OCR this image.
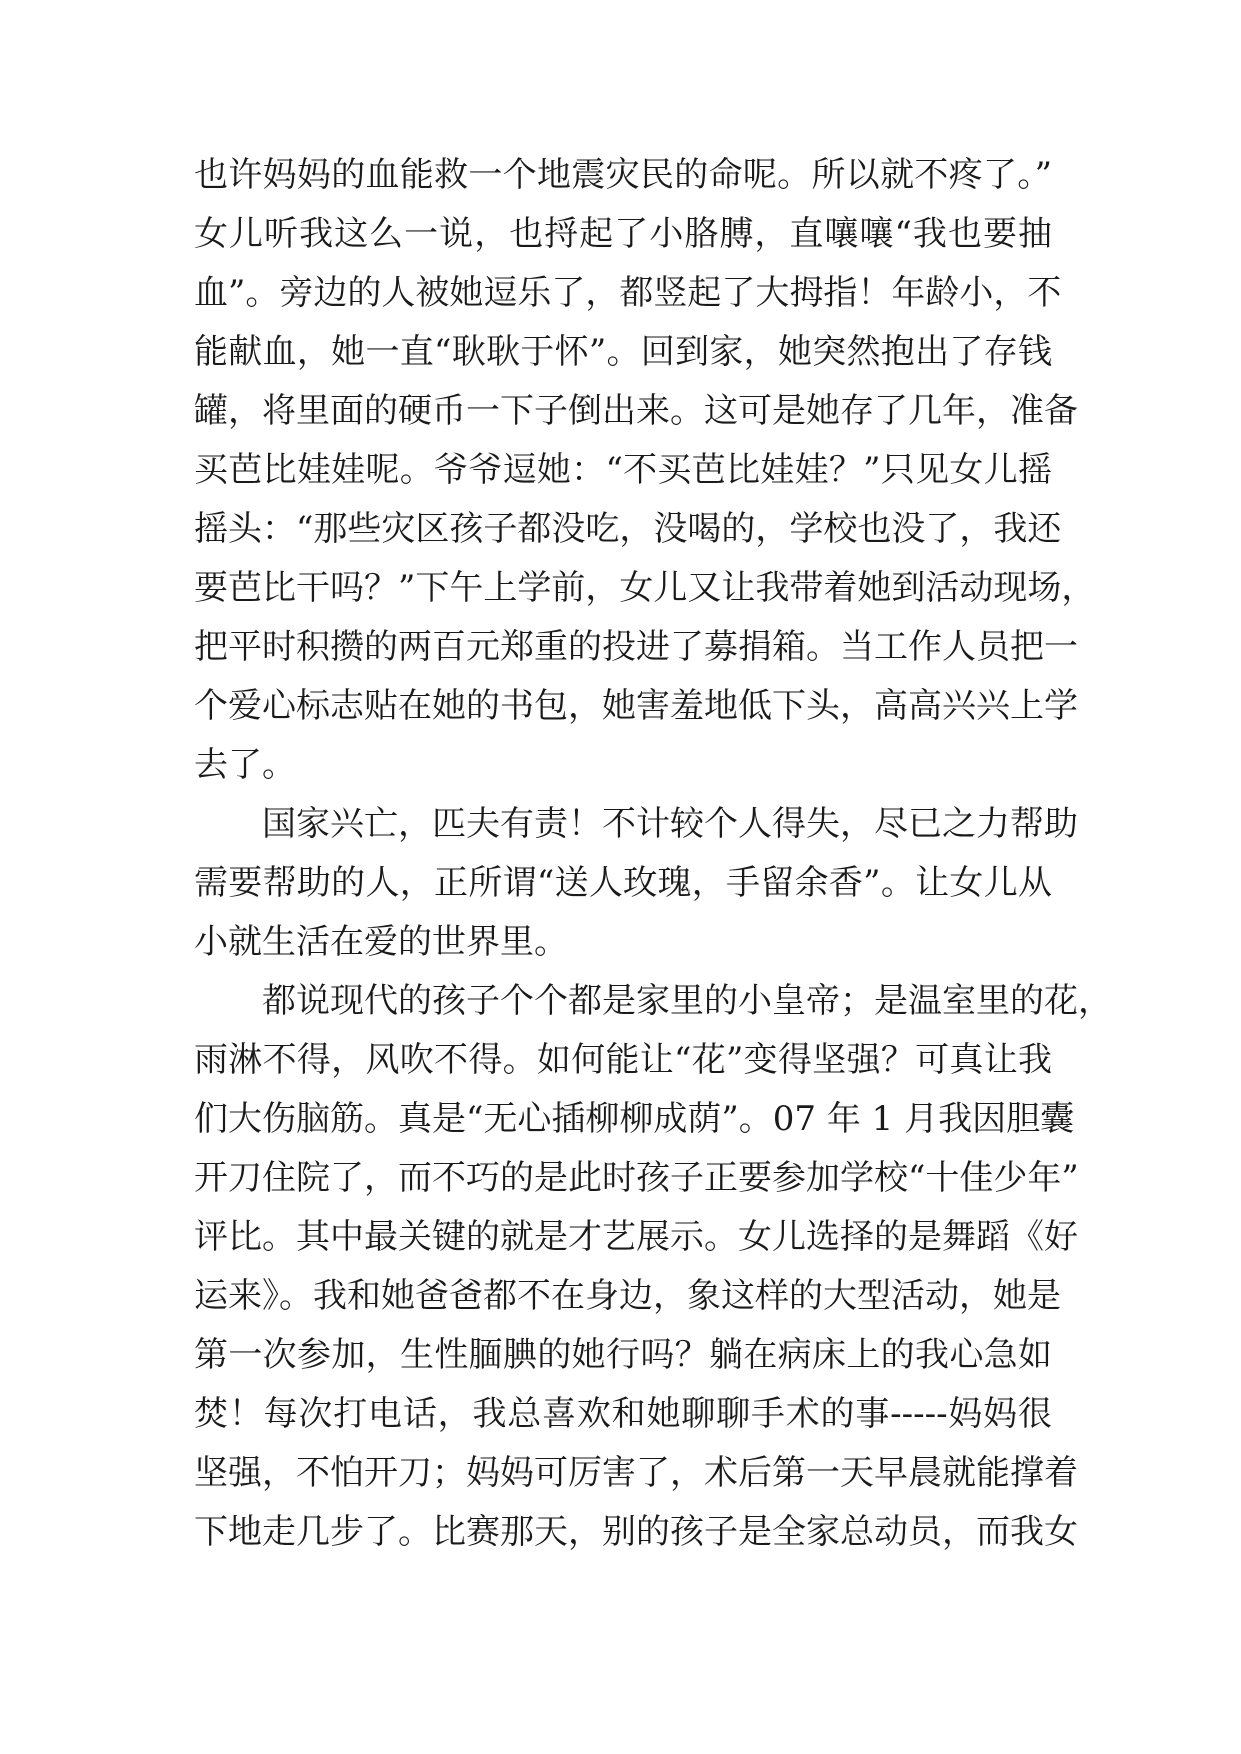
也许妈妈的血能救一个地震灾民的命呢。所以就不疼了。”
女儿听我这么一说，也捋起了小胳膊，直嚷嚷“我也要抽
血”。旁边的人被她逗乐了，都竖起了大拇指！年龄小，不
能献血，她一直“耿耿于怀”。回到家，她突然抱出了存钱
罐，将里面的硬币一下子倒出来。这可是她存了几年，准备
买芭比娃娃呢。爷爷逗她：“不买芭比娃娃？”只见女儿摇
摇头：“那些灾区孩子都没吃，没喝的，学校也没了，我还
要芭比干吗？”下午上学前，女儿又让我带着她到活动现场，
把平时积攒的两百元郑重的投进了募捐箱。当工作人员把一
个爱心标志贴在她的书包，她害羞地低下头，高高兴兴上学
去了。
国家兴亡，匹夫有责！不计较个人得失，尽已之力帮助
需要帮助的人，正所谓“送人玫瑰，手留余香”。让女儿从
小就生活在爱的世界里。
都说现代的孩子个个都是家里的小皇帝；是温室里的花，
雨淋不得，风吹不得。如何能让“花”变得坚强？可真让我
们大伤脑筋。真是“无心插柳柳成荫”。07 年 1 月我因胆囊
开刀住院了，而不巧的是此时孩子正要参加学校“十佳少年”
评比。其中最关键的就是才艺展示。女儿选择的是舞蹈《好
运来》。我和她爸爸都不在身边，象这样的大型活动，她是
第一次参加，生性腼腆的她行吗？躺在病床上的我心急如
焚！每次打电话，我总喜欢和她聊聊手术的事-----妈妈很
坚强，不怕开刀；妈妈可厉害了，术后第一天早晨就能撑着
下地走几步了。比赛那天，别的孩子是全家总动员，而我女
